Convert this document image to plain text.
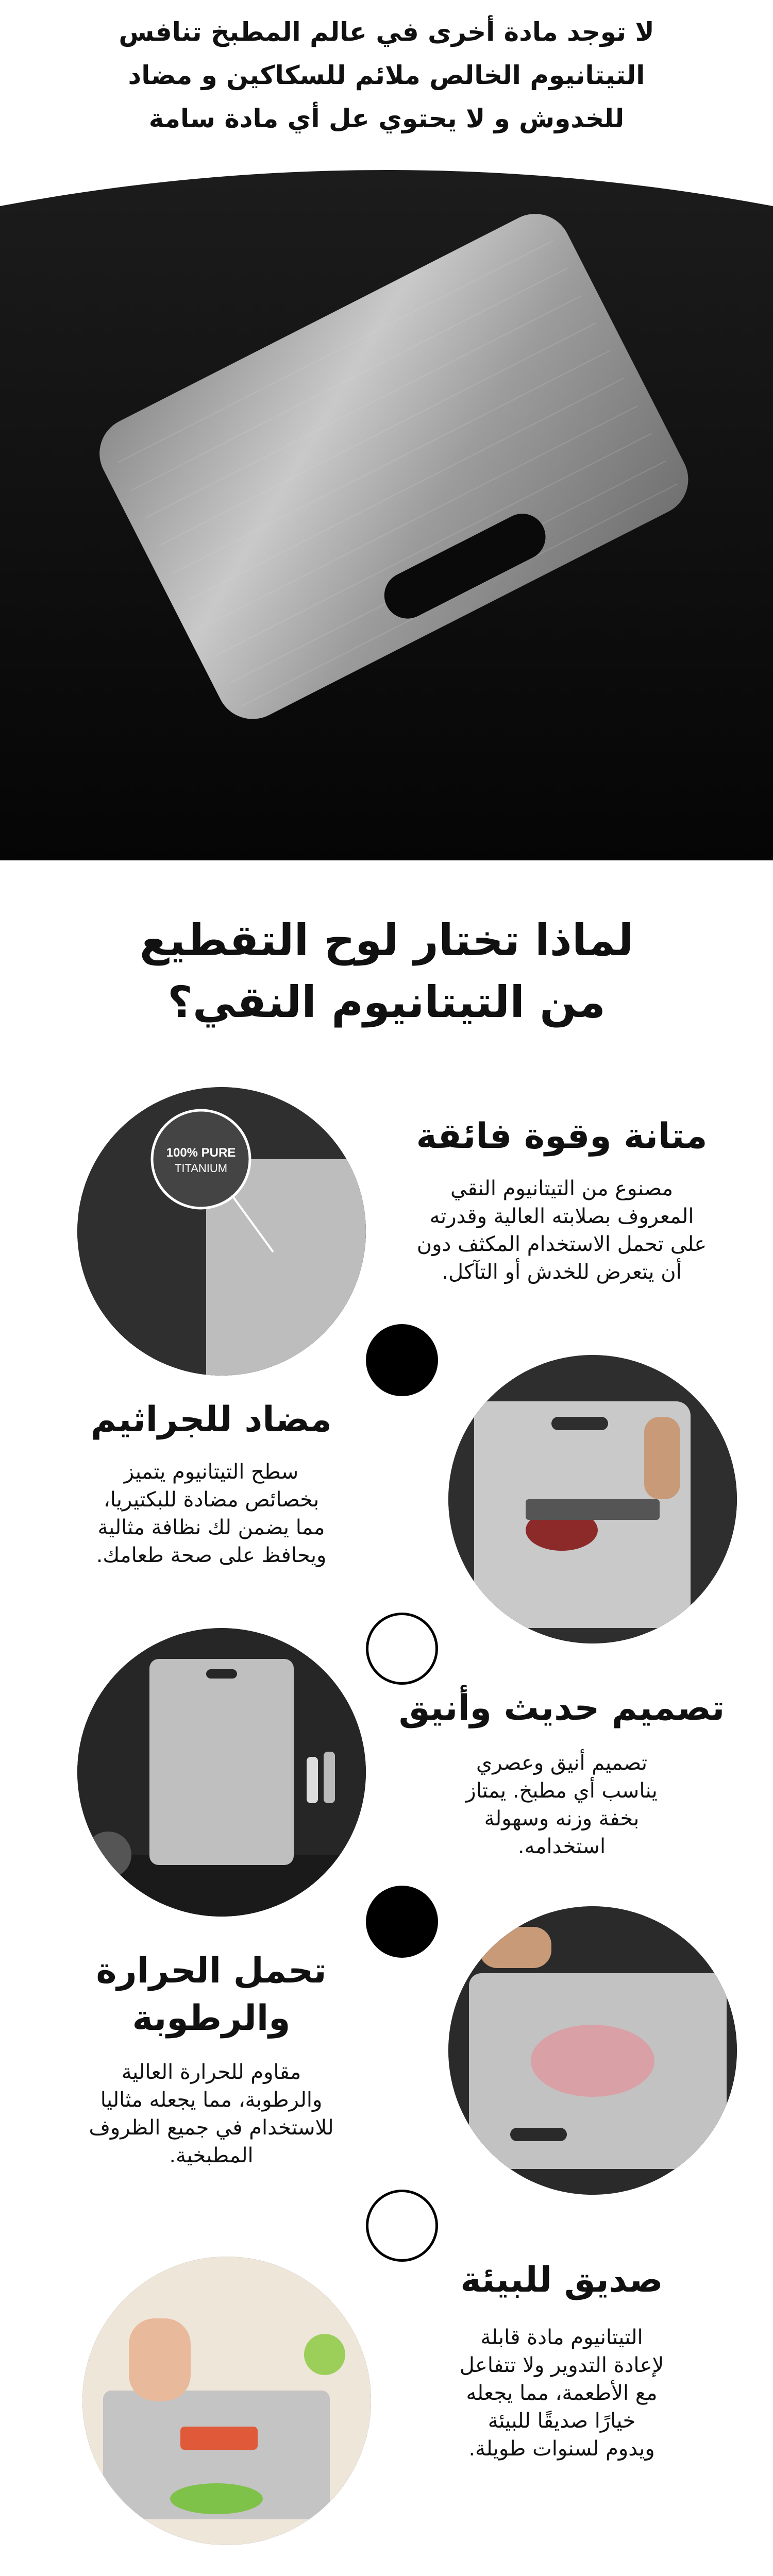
لا توجد مادة أخرى في عالم المطبخ تنافس
التيتانيوم الخالص ملائم للسكاكين و مضاد
للخدوش و لا يحتوي عل أي مادة سامة
لماذا تختار لوح التقطيع
من التيتانيوم النقي؟
100% PURE
TITANIUM
متانة وقوة فائقة
مصنوع من التيتانيوم النقي
المعروف بصلابته العالية وقدرته
على تحمل الاستخدام المكثف دون
أن يتعرض للخدش أو التآكل.
مضاد للجراثيم
سطح التيتانيوم يتميز
بخصائص مضادة للبكتيريا،
مما يضمن لك نظافة مثالية
ويحافظ على صحة طعامك.
تصميم حديث وأنيق
تصميم أنيق وعصري
يناسب أي مطبخ. يمتاز
بخفة وزنه وسهولة
استخدامه.
تحمل الحرارة
والرطوبة
مقاوم للحرارة العالية
والرطوبة، مما يجعله مثاليا
للاستخدام في جميع الظروف
المطبخية.
صديق للبيئة
التيتانيوم مادة قابلة
لإعادة التدوير ولا تتفاعل
مع الأطعمة، مما يجعله
خيارًا صديقًا للبيئة
ويدوم لسنوات طويلة.
